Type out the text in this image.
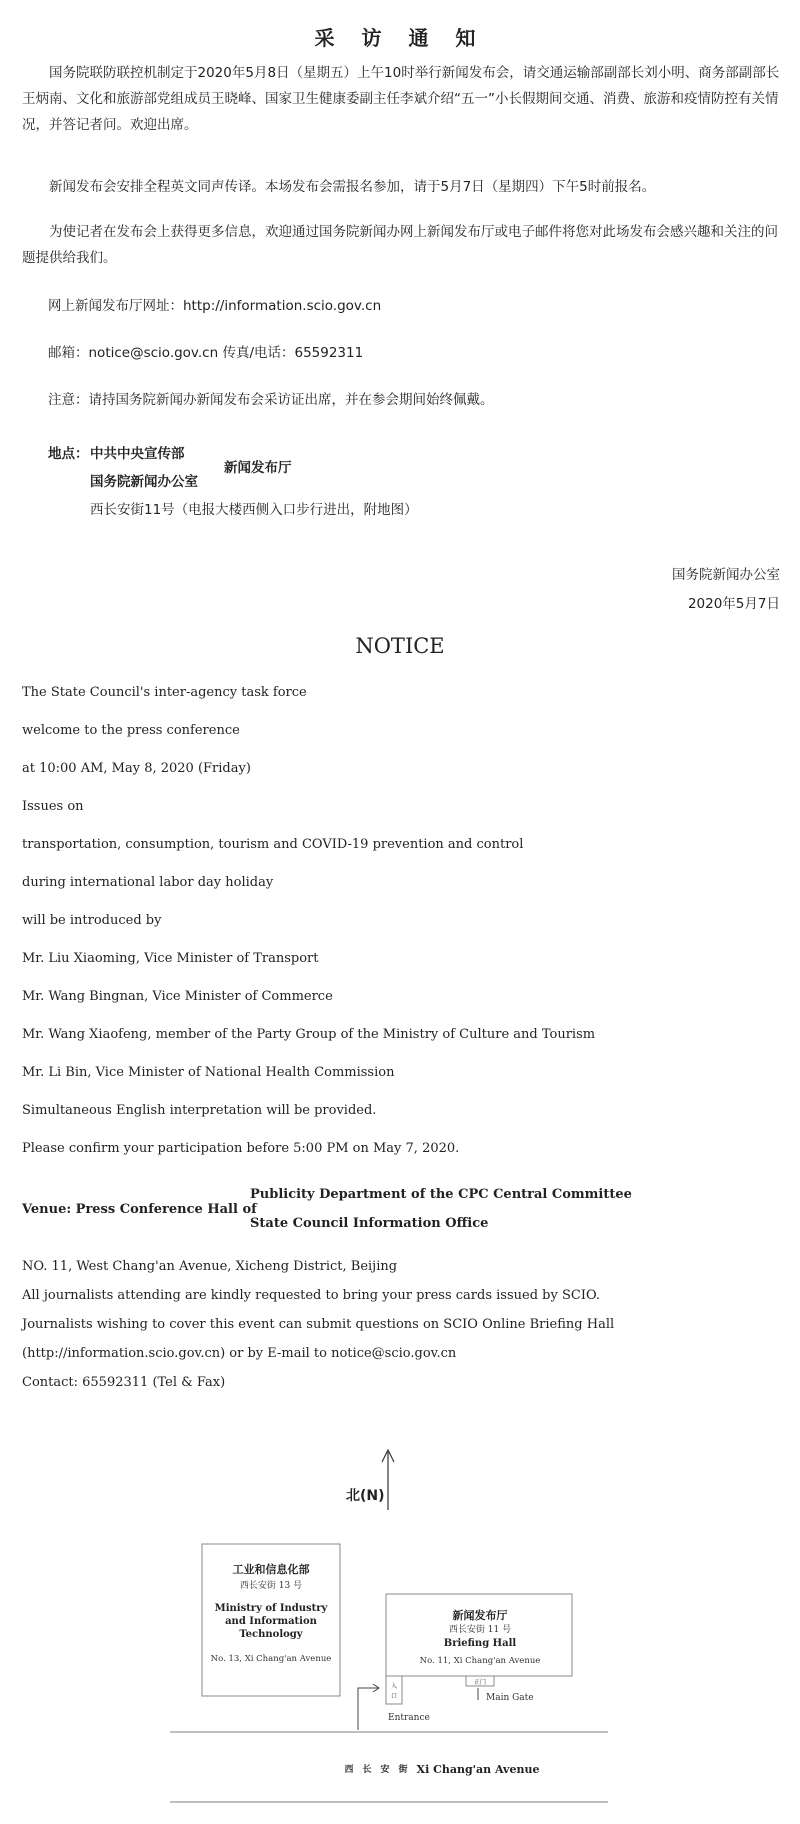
采 访 通 知
国务院联防联控机制定于2020年5月8日（星期五）上午10时举行新闻发布会，请交通运输部副部长刘小明、商务部副部长王炳南、文化和旅游部党组成员王晓峰、国家卫生健康委副主任李斌介绍“五一”小长假期间交通、消费、旅游和疫情防控有关情况，并答记者问。欢迎出席。
新闻发布会安排全程英文同声传译。本场发布会需报名参加，请于5月7日（星期四）下午5时前报名。
为使记者在发布会上获得更多信息，欢迎通过国务院新闻办网上新闻发布厅或电子邮件将您对此场发布会感兴趣和关注的问题提供给我们。
网上新闻发布厅网址：http://information.scio.gov.cn
邮箱：notice@scio.gov.cn 传真/电话：65592311
注意：请持国务院新闻办新闻发布会采访证出席，并在参会期间始终佩戴。
地点： 中共中央宣传部
国务院新闻办公室
新闻发布厅
西长安街11号（电报大楼西侧入口步行进出，附地图）
国务院新闻办公室
2020年5月7日
NOTICE
The State Council's inter-agency task force
welcome to the press conference
at 10:00 AM, May 8, 2020 (Friday)
Issues on
transportation, consumption, tourism and COVID-19 prevention and control
during international labor day holiday
will be introduced by
Mr. Liu Xiaoming, Vice Minister of Transport
Mr. Wang Bingnan, Vice Minister of Commerce
Mr. Wang Xiaofeng, member of the Party Group of the Ministry of Culture and Tourism
Mr. Li Bin, Vice Minister of National Health Commission
Simultaneous English interpretation will be provided.
Please confirm your participation before 5:00 PM on May 7, 2020.
Venue: Press Conference Hall of
Publicity Department of the CPC Central Committee
State Council Information Office
NO. 11, West Chang'an Avenue, Xicheng District, Beijing
All journalists attending are kindly requested to bring your press cards issued by SCIO.
Journalists wishing to cover this event can submit questions on SCIO Online Briefing Hall
(http://information.scio.gov.cn) or by E-mail to notice@scio.gov.cn
Contact: 65592311 (Tel & Fax)
北(N)
工业和信息化部
西长安街 13 号
Ministry of Industry
and Information
Technology
No. 13, Xi Chang'an Avenue
新闻发布厅
西长安街 11 号
Briefing Hall
No. 11, Xi Chang'an Avenue
入
口
Entrance
正门
Main Gate
西　长　安　街 Xi Chang'an Avenue
